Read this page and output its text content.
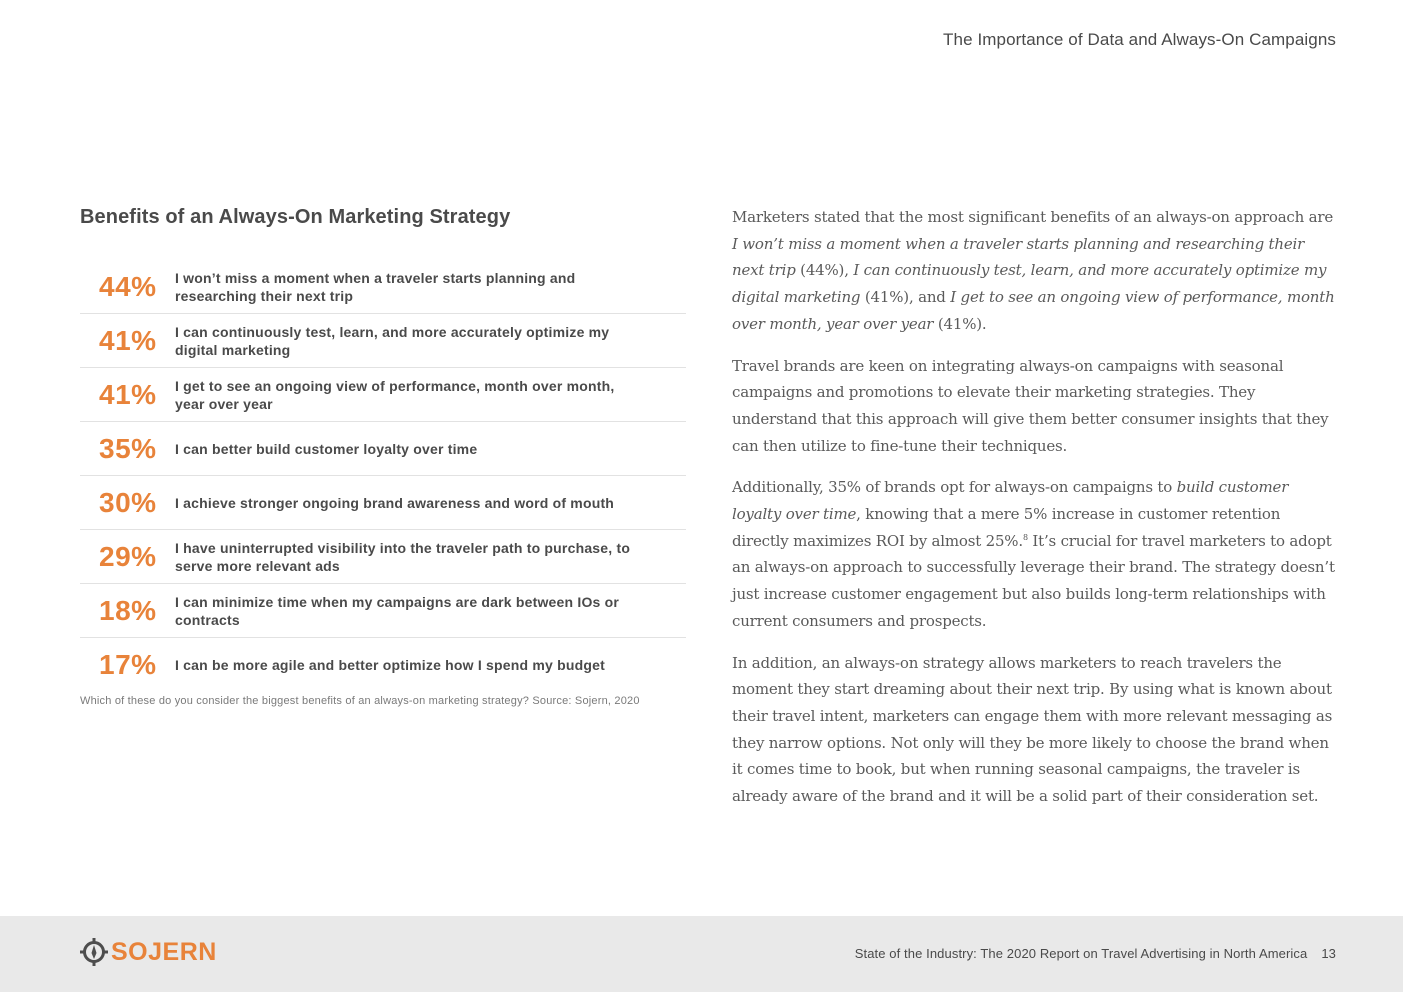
The Importance of Data and Always-On Campaigns
Benefits of an Always-On Marketing Strategy
44%	I won’t miss a moment when a traveler starts planning and researching their next trip
41%	I can continuously test, learn, and more accurately optimize my digital marketing
41%	I get to see an ongoing view of performance, month over month, year over year
35%	I can better build customer loyalty over time
30%	I achieve stronger ongoing brand awareness and word of mouth
29%	I have uninterrupted visibility into the traveler path to purchase, to serve more relevant ads
18%	I can minimize time when my campaigns are dark between IOs or contracts
17%	I can be more agile and better optimize how I spend my budget
Which of these do you consider the biggest benefits of an always-on marketing strategy? Source: Sojern, 2020

Marketers stated that the most significant benefits of an always-on approach are I won’t miss a moment when a traveler starts planning and researching their next trip (44%), I can continuously test, learn, and more accurately optimize my digital marketing (41%), and I get to see an ongoing view of performance, month over month, year over year (41%).

Travel brands are keen on integrating always-on campaigns with seasonal campaigns and promotions to elevate their marketing strategies. They understand that this approach will give them better consumer insights that they can then utilize to fine-tune their techniques.

Additionally, 35% of brands opt for always-on campaigns to build customer loyalty over time, knowing that a mere 5% increase in customer retention directly maximizes ROI by almost 25%.$^8$ It’s crucial for travel marketers to adopt an always-on approach to successfully leverage their brand. The strategy doesn’t just increase customer engagement but also builds long-term relationships with current consumers and prospects.

In addition, an always-on strategy allows marketers to reach travelers the moment they start dreaming about their next trip. By using what is known about their travel intent, marketers can engage them with more relevant messaging as they narrow options. Not only will they be more likely to choose the brand when it comes time to book, but when running seasonal campaigns, the traveler is already aware of the brand and it will be a solid part of their consideration set.

SOJERN	State of the Industry: The 2020 Report on Travel Advertising in North America 13
